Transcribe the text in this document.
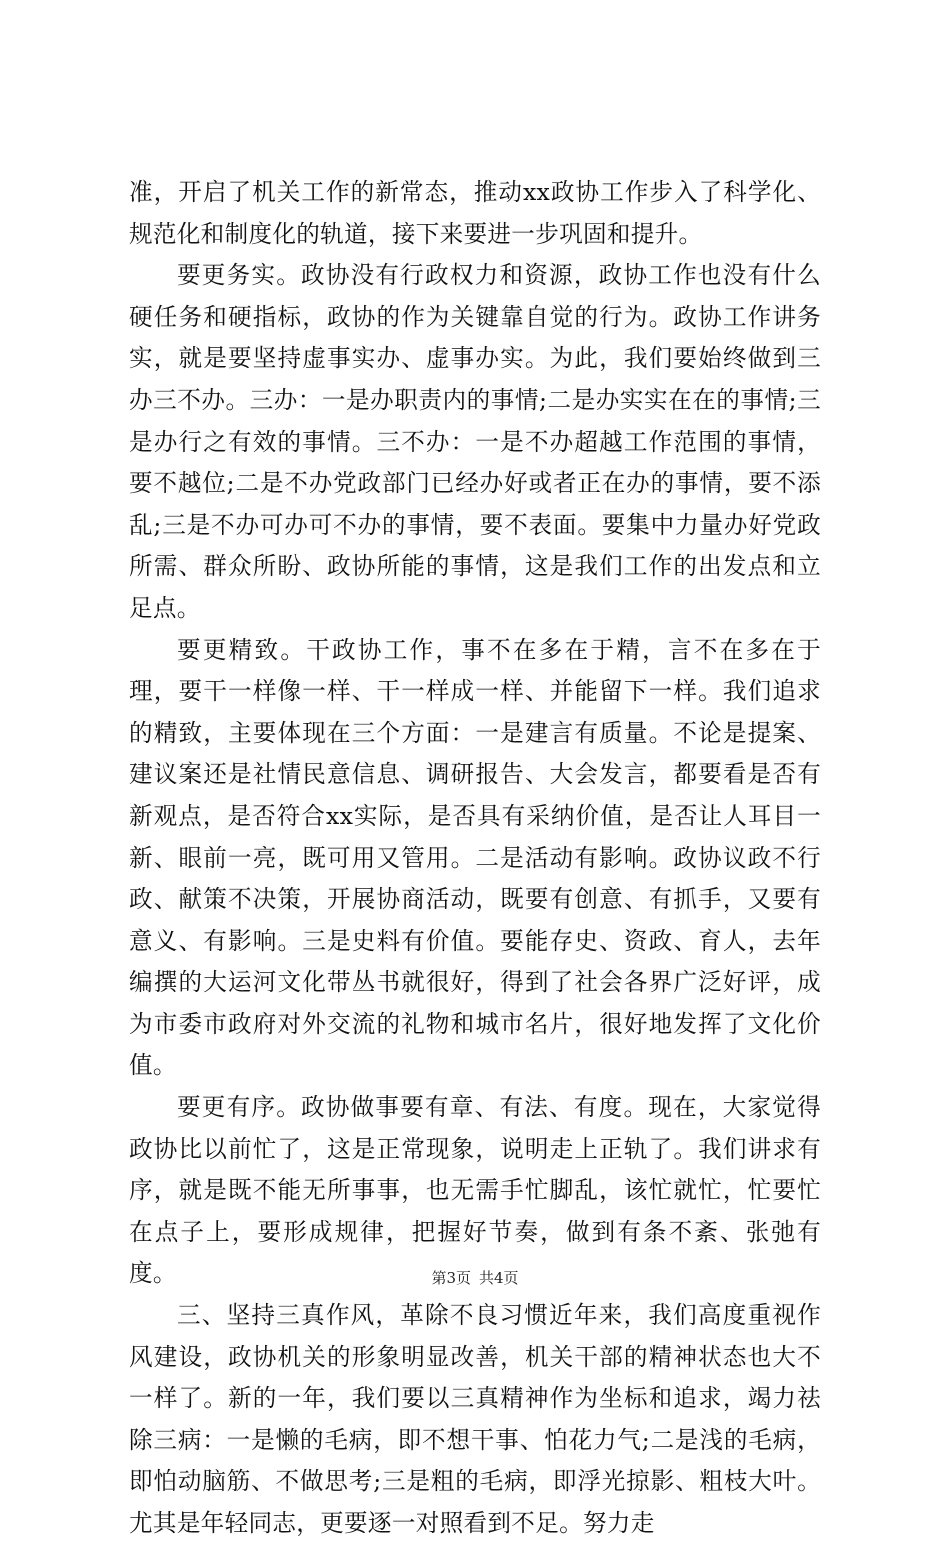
准，开启了机关工作的新常态，推动xx政协工作步入了科学化、规范化和制度化的轨道，接下来要进一步巩固和提升。

要更务实。政协没有行政权力和资源，政协工作也没有什么硬任务和硬指标，政协的作为关键靠自觉的行为。政协工作讲务实，就是要坚持虚事实办、虚事办实。为此，我们要始终做到三办三不办。三办：一是办职责内的事情;二是办实实在在的事情;三是办行之有效的事情。三不办：一是不办超越工作范围的事情，要不越位;二是不办党政部门已经办好或者正在办的事情，要不添乱;三是不办可办可不办的事情，要不表面。要集中力量办好党政所需、群众所盼、政协所能的事情，这是我们工作的出发点和立足点。

要更精致。干政协工作，事不在多在于精，言不在多在于理，要干一样像一样、干一样成一样、并能留下一样。我们追求的精致，主要体现在三个方面：一是建言有质量。不论是提案、建议案还是社情民意信息、调研报告、大会发言，都要看是否有新观点，是否符合xx实际，是否具有采纳价值，是否让人耳目一新、眼前一亮，既可用又管用。二是活动有影响。政协议政不行政、献策不决策，开展协商活动，既要有创意、有抓手，又要有意义、有影响。三是史料有价值。要能存史、资政、育人，去年编撰的大运河文化带丛书就很好，得到了社会各界广泛好评，成为市委市政府对外交流的礼物和城市名片，很好地发挥了文化价值。

要更有序。政协做事要有章、有法、有度。现在，大家觉得政协比以前忙了，这是正常现象，说明走上正轨了。我们讲求有序，就是既不能无所事事，也无需手忙脚乱，该忙就忙，忙要忙在点子上，要形成规律，把握好节奏，做到有条不紊、张弛有度。

三、坚持三真作风，革除不良习惯近年来，我们高度重视作风建设，政协机关的形象明显改善，机关干部的精神状态也大不一样了。新的一年，我们要以三真精神作为坐标和追求，竭力祛除三病：一是懒的毛病，即不想干事、怕花力气;二是浅的毛病，即怕动脑筋、不做思考;三是粗的毛病，即浮光掠影、粗枝大叶。尤其是年轻同志，更要逐一对照看到不足。努力走

第3页 共4页
